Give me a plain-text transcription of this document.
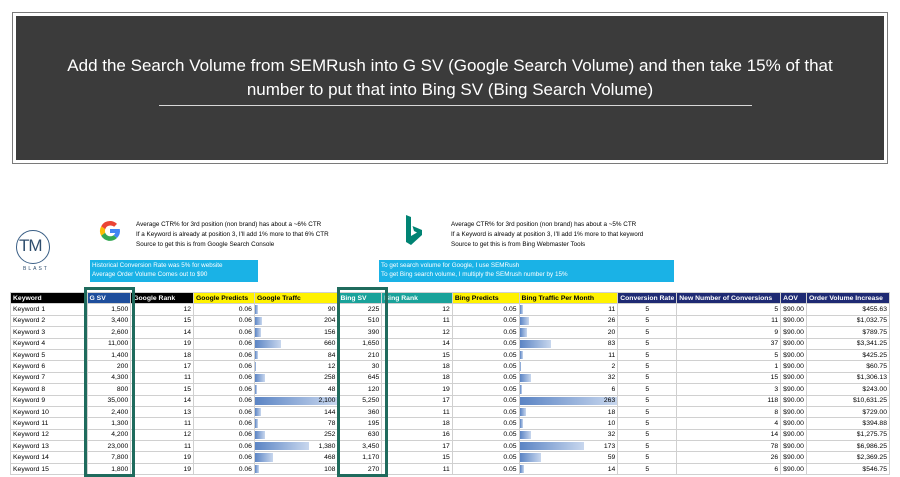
Add the Search Volume from SEMRush into G SV (Google Search Volume) and then take 15% of that
number to put that into Bing SV (Bing Search Volume)
TM
BLAST
Average CTR% for 3rd position (non brand) has about a ~6% CTR
If a Keyword is already at position 3, I'll add 1% more to that 6% CTR
Source to get this is from Google Search Console
Average CTR% for 3rd position (non brand) has about a ~5% CTR
If a Keyword is already at position 3, I'll add 1% more to that keyword
Source to get this is from Bing Webmaster Tools
Historical Conversion Rate was 5% for website
Average Order Volume Comes out to $90
To get search volume for Google, I use SEMRush
To get Bing search volume, I multiply the SEMrush number by 15%
Keyword	G SV	Google Rank	Google Predicts	Google Traffc	Bing SV	Bing Rank	Bing Predicts	Bing Traffic Per Month	Conversion Rate	New Number of Conversions	AOV	Order Volume Increase
Keyword 1	1,500	12	0.06	90	225	12	0.05	11	5	5	$90.00	$455.63
Keyword 2	3,400	15	0.06	204	510	11	0.05	26	5	11	$90.00	$1,032.75
Keyword 3	2,600	14	0.06	156	390	12	0.05	20	5	9	$90.00	$789.75
Keyword 4	11,000	19	0.06	660	1,650	14	0.05	83	5	37	$90.00	$3,341.25
Keyword 5	1,400	18	0.06	84	210	15	0.05	11	5	5	$90.00	$425.25
Keyword 6	200	17	0.06	12	30	18	0.05	2	5	1	$90.00	$60.75
Keyword 7	4,300	11	0.06	258	645	18	0.05	32	5	15	$90.00	$1,306.13
Keyword 8	800	15	0.06	48	120	19	0.05	6	5	3	$90.00	$243.00
Keyword 9	35,000	14	0.06	2,100	5,250	17	0.05	263	5	118	$90.00	$10,631.25
Keyword 10	2,400	13	0.06	144	360	11	0.05	18	5	8	$90.00	$729.00
Keyword 11	1,300	11	0.06	78	195	18	0.05	10	5	4	$90.00	$394.88
Keyword 12	4,200	12	0.06	252	630	16	0.05	32	5	14	$90.00	$1,275.75
Keyword 13	23,000	11	0.06	1,380	3,450	17	0.05	173	5	78	$90.00	$6,986.25
Keyword 14	7,800	19	0.06	468	1,170	15	0.05	59	5	26	$90.00	$2,369.25
Keyword 15	1,800	19	0.06	108	270	11	0.05	14	5	6	$90.00	$546.75
